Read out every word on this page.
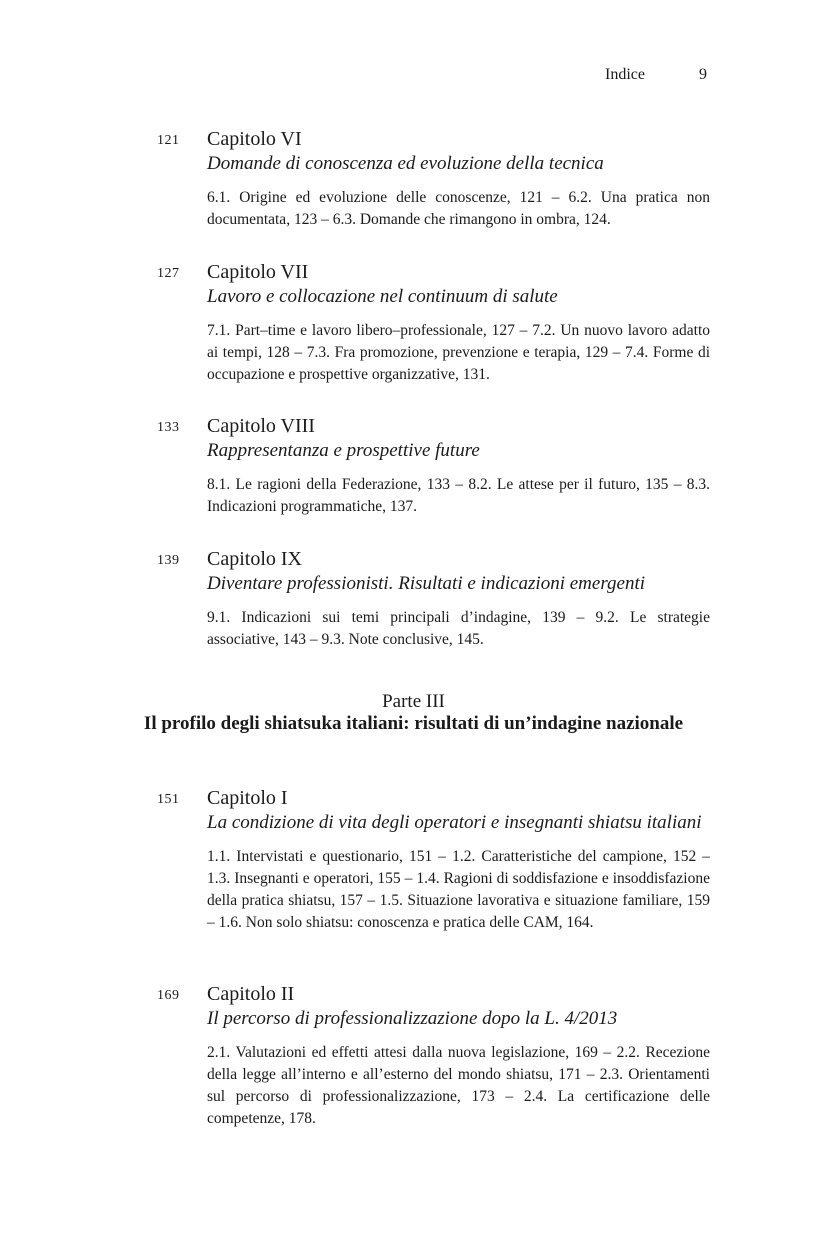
Indice	9
121 Capitolo VI
Domande di conoscenza ed evoluzione della tecnica
6.1. Origine ed evoluzione delle conoscenze, 121 – 6.2. Una pratica non documentata, 123 – 6.3. Domande che rimangono in ombra, 124.
127 Capitolo VII
Lavoro e collocazione nel continuum di salute
7.1. Part–time e lavoro libero–professionale, 127 – 7.2. Un nuovo lavoro adatto ai tempi, 128 – 7.3. Fra promozione, prevenzione e terapia, 129 – 7.4. Forme di occupazione e prospettive organizzative, 131.
133 Capitolo VIII
Rappresentanza e prospettive future
8.1. Le ragioni della Federazione, 133 – 8.2. Le attese per il futuro, 135 – 8.3. Indicazioni programmatiche, 137.
139 Capitolo IX
Diventare professionisti. Risultati e indicazioni emergenti
9.1. Indicazioni sui temi principali d’indagine, 139 – 9.2. Le strategie associative, 143 – 9.3. Note conclusive, 145.
Parte III
Il profilo degli shiatsuka italiani: risultati di un’indagine nazionale
151 Capitolo I
La condizione di vita degli operatori e insegnanti shiatsu italiani
1.1. Intervistati e questionario, 151 – 1.2. Caratteristiche del campione, 152 – 1.3. Insegnanti e operatori, 155 – 1.4. Ragioni di soddisfazione e insoddisfazione della pratica shiatsu, 157 – 1.5. Situazione lavorativa e situazione familiare, 159 – 1.6. Non solo shiatsu: conoscenza e pratica delle CAM, 164.
169 Capitolo II
Il percorso di professionalizzazione dopo la L. 4/2013
2.1. Valutazioni ed effetti attesi dalla nuova legislazione, 169 – 2.2. Recezione della legge all’interno e all’esterno del mondo shiatsu, 171 – 2.3. Orientamenti sul percorso di professionalizzazione, 173 – 2.4. La certificazione delle competenze, 178.
